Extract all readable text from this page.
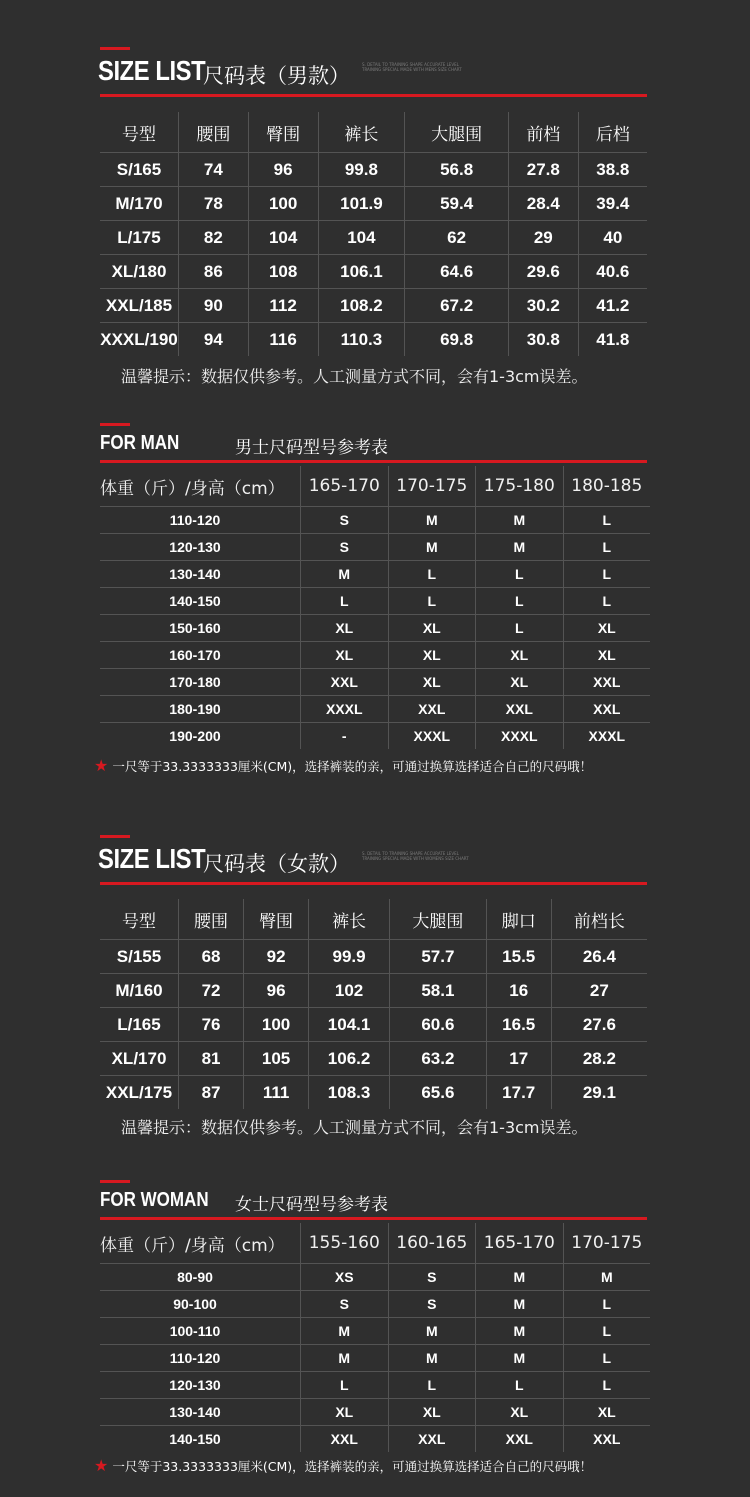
SIZE LIST
尺码表（男款）	S. DETAIL TO TRAINING SHAPE ACCURATE LEVEL TRAINING SPECIAL MADE WITH MENS SIZE CHART
号型	腰围	臀围	裤长	大腿围	前档	后档
S/165	74	96	99.8	56.8	27.8	38.8
M/170	78	100	101.9	59.4	28.4	39.4
L/175	82	104	104	62	29	40
XL/180	86	108	106.1	64.6	29.6	40.6
XXL/185	90	112	108.2	67.2	30.2	41.2
XXXL/190	94	116	110.3	69.8	30.8	41.8
温馨提示：数据仅供参考。人工测量方式不同，会有1-3cm误差。
FOR MAN	男士尺码型号参考表
体重（斤）/身高（cm）	165-170	170-175	175-180	180-185
110-120	S	M	M	L
120-130	S	M	M	L
130-140	M	L	L	L
140-150	L	L	L	L
150-160	XL	XL	L	XL
160-170	XL	XL	XL	XL
170-180	XXL	XL	XL	XXL
180-190	XXXL	XXL	XXL	XXL
190-200	-	XXXL	XXXL	XXXL
★ 一尺等于33.3333333厘米(CM)，选择裤装的亲，可通过换算选择适合自己的尺码哦！
SIZE LIST
尺码表（女款）	S. DETAIL TO TRAINING SHAPE ACCURATE LEVEL TRAINING SPECIAL MADE WITH WOMENS SIZE CHART
号型	腰围	臀围	裤长	大腿围	脚口	前档长
S/155	68	92	99.9	57.7	15.5	26.4
M/160	72	96	102	58.1	16	27
L/165	76	100	104.1	60.6	16.5	27.6
XL/170	81	105	106.2	63.2	17	28.2
XXL/175	87	111	108.3	65.6	17.7	29.1
温馨提示：数据仅供参考。人工测量方式不同，会有1-3cm误差。
FOR WOMAN 女士尺码型号参考表
体重（斤）/身高（cm）	155-160	160-165	165-170	170-175
80-90	XS	S	M	M
90-100	S	S	M	L
100-110	M	M	M	L
110-120	M	M	M	L
120-130	L	L	L	L
130-140	XL	XL	XL	XL
140-150	XXL	XXL	XXL	XXL
★ 一尺等于33.3333333厘米(CM)，选择裤装的亲，可通过换算选择适合自己的尺码哦！
